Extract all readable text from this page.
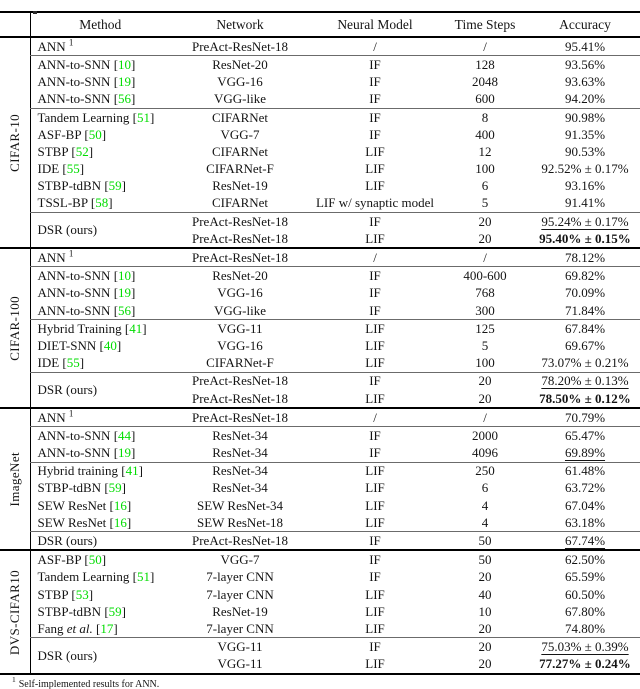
	Method	Network	Neural Model	Time Steps	Accuracy

CIFAR-10	ANN $^1$	PreAct-ResNet-18	/	/	95.41%
	ANN-to-SNN [10]	ResNet-20	IF	128	93.56%
	ANN-to-SNN [19]	VGG-16	IF	2048	93.63%
	ANN-to-SNN [56]	VGG-like	IF	600	94.20%
	Tandem Learning [51]	CIFARNet	IF	8	90.98%
	ASF-BP [50]	VGG-7	IF	400	91.35%
	STBP [52]	CIFARNet	LIF	12	90.53%
	IDE [55]	CIFARNet-F	LIF	100	92.52% ± 0.17%
	STBP-tdBN [59]	ResNet-19	LIF	6	93.16%
	TSSL-BP [58]	CIFARNet	LIF w/ synaptic model	5	91.41%
	DSR (ours)	PreAct-ResNet-18	IF	20	95.24% ± 0.17%
		PreAct-ResNet-18	LIF	20	95.40% ± 0.15%

CIFAR-100	ANN $^1$	PreAct-ResNet-18	/	/	78.12%
	ANN-to-SNN [10]	ResNet-20	IF	400-600	69.82%
	ANN-to-SNN [19]	VGG-16	IF	768	70.09%
	ANN-to-SNN [56]	VGG-like	IF	300	71.84%
	Hybrid Training [41]	VGG-11	LIF	125	67.84%
	DIET-SNN [40]	VGG-16	LIF	5	69.67%
	IDE [55]	CIFARNet-F	LIF	100	73.07% ± 0.21%
	DSR (ours)	PreAct-ResNet-18	IF	20	78.20% ± 0.13%
		PreAct-ResNet-18	LIF	20	78.50% ± 0.12%

ImageNet	ANN $^1$	PreAct-ResNet-18	/	/	70.79%
	ANN-to-SNN [44]	ResNet-34	IF	2000	65.47%
	ANN-to-SNN [19]	ResNet-34	IF	4096	69.89%
	Hybrid training [41]	ResNet-34	LIF	250	61.48%
	STBP-tdBN [59]	ResNet-34	LIF	6	63.72%
	SEW ResNet [16]	SEW ResNet-34	LIF	4	67.04%
	SEW ResNet [16]	SEW ResNet-18	LIF	4	63.18%
	DSR (ours)	PreAct-ResNet-18	IF	50	67.74%

DVS-CIFAR10	ASF-BP [50]	VGG-7	IF	50	62.50%
	Tandem Learning [51]	7-layer CNN	IF	20	65.59%
	STBP [53]	7-layer CNN	LIF	40	60.50%
	STBP-tdBN [59]	ResNet-19	LIF	10	67.80%
	Fang et al. [17]	7-layer CNN	LIF	20	74.80%
	DSR (ours)	VGG-11	IF	20	75.03% ± 0.39%
		VGG-11	LIF	20	77.27% ± 0.24%
$^1$ Self-implemented results for ANN.
